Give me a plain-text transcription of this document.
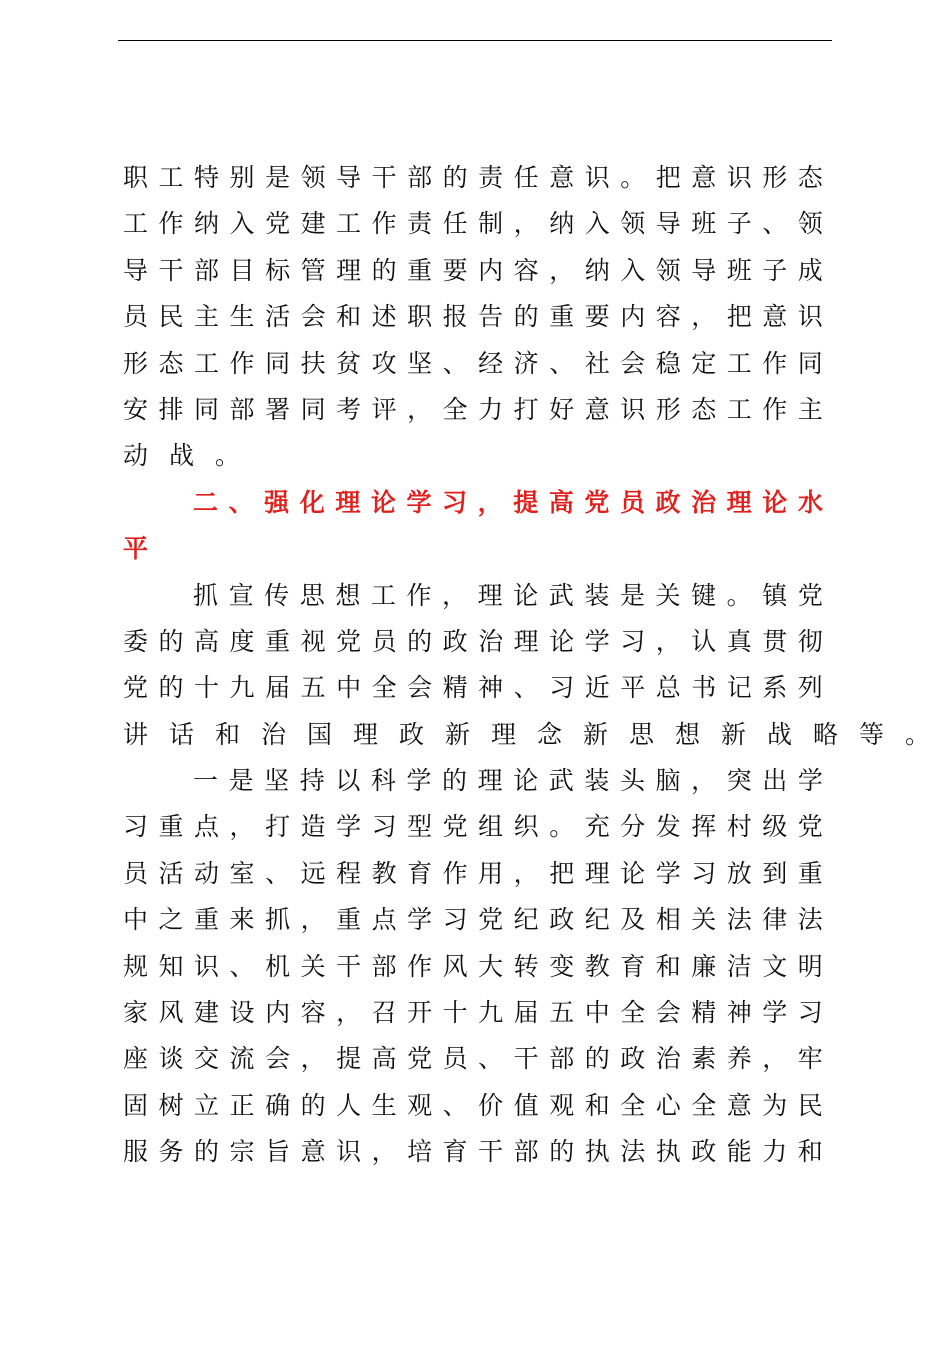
职 工 特 别 是 领 导 干 部 的 责 任 意 识 。 把 意 识 形 态
工 作 纳 入 党 建 工 作 责 任 制 ， 纳 入 领 导 班 子 、 领
导 干 部 目 标 管 理 的 重 要 内 容 ， 纳 入 领 导 班 子 成
员 民 主 生 活 会 和 述 职 报 告 的 重 要 内 容 ， 把 意 识
形 态 工 作 同 扶 贫 攻 坚 、 经 济 、 社 会 稳 定 工 作 同
安 排 同 部 署 同 考 评 ， 全 力 打 好 意 识 形 态 工 作 主
动 战 。
二 、 强 化 理 论 学 习 ， 提 高 党 员 政 治 理 论 水
平
抓 宣 传 思 想 工 作 ， 理 论 武 装 是 关 键 。 镇 党
委 的 高 度 重 视 党 员 的 政 治 理 论 学 习 ， 认 真 贯 彻
党 的 十 九 届 五 中 全 会 精 神 、 习 近 平 总 书 记 系 列
讲 话 和 治 国 理 政 新 理 念 新 思 想 新 战 略 等 。
一 是 坚 持 以 科 学 的 理 论 武 装 头 脑 ， 突 出 学
习 重 点 ， 打 造 学 习 型 党 组 织 。 充 分 发 挥 村 级 党
员 活 动 室 、 远 程 教 育 作 用 ， 把 理 论 学 习 放 到 重
中 之 重 来 抓 ， 重 点 学 习 党 纪 政 纪 及 相 关 法 律 法
规 知 识 、 机 关 干 部 作 风 大 转 变 教 育 和 廉 洁 文 明
家 风 建 设 内 容 ， 召 开 十 九 届 五 中 全 会 精 神 学 习
座 谈 交 流 会 ， 提 高 党 员 、 干 部 的 政 治 素 养 ， 牢
固 树 立 正 确 的 人 生 观 、 价 值 观 和 全 心 全 意 为 民
服 务 的 宗 旨 意 识 ， 培 育 干 部 的 执 法 执 政 能 力 和
